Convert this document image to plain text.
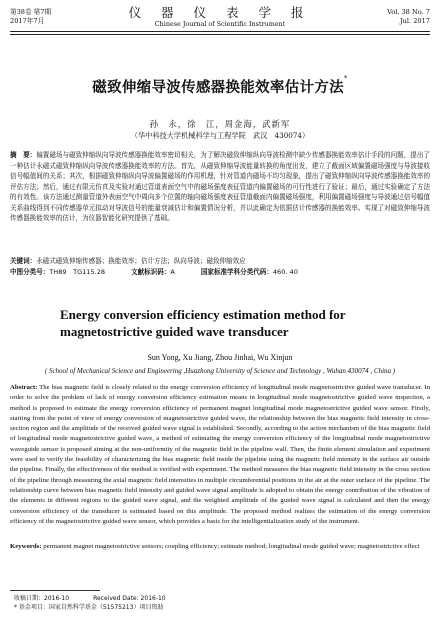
第38卷 第7期
2017年7月
仪 器 仪 表 学 报
Chinese Journal of Scientific Instrument
Vol. 38 No. 7
Jul. 2017
磁致伸缩导波传感器换能效率估计方法*
孙　永，徐　江，周金海，武新军
（华中科技大学机械科学与工程学院　武汉　430074）
摘　要：偏置磁场与磁致伸缩纵向导波传感器换能效率密切相关，为了解决磁致伸缩纵向导波检测中缺少传感器换能效率估计手段的问题，提出了一种估计永磁式磁致伸缩纵向导波传感器换能效率的方法。首先，从磁致伸缩导波能量转换的角度出发，建立了截面区域偏置磁场强度与导波接收信号幅值间的关系；其次，根据磁致伸缩纵向导波偏置磁场的作用机理，针对管道内磁场不均匀现象，提出了磁致伸缩纵向导波传感器换能效率的评估方法；然后，通过有限元仿真及实验对通过管道表面空气中的磁场强度表征管道内偏置磁场的可行性进行了验证；最后，通过实验确定了方法的有效性。该方法通过测量管道外表面空气中周向多个位置的轴向磁场强度表征管道截面内偏置磁场强度，利用偏置磁场强度与导波通过信号幅值关系曲线得到不同传感器单元拟动对导波信号的能量衰减估计和偏置情况分析，并以此确定为依据估计传感器的换能效率。实现了对磁致伸缩导波传感器换能效率的估计，为仪器智能化研究提供了基础。
关键词：永磁式磁致伸缩传感器；换能效率；估计方法；纵向导波；磁致伸缩效应
中图分类号：TH89　TG115.28	文献标识码：A	国家标准学科分类代码：460. 40
Energy conversion efficiency estimation method for magnetostrictive guided wave transducer
Sun Yong, Xu Jiang, Zhou Jinhai, Wu Xinjun
( School of Mechanical Science and Engineering ,Huazhong University of Science and Technology , Wuhan 430074 , China )
Abstract: The bias magnetic field is closely related to the energy conversion efficiency of longitudinal mode magnetostrictive guided wave transducer. In order to solve the problem of lack of energy conversion efficiency estimation means in longitudinal mode magnetostrictive guided wave inspection, a method is proposed to estimate the energy conversion efficiency of permanent magnet longitudinal mode magnetostrictive guided wave sensor. Firstly, starting from the point of view of energy conversion of magnetostrictive guided wave, the relationship between the bias magnetic field intensity in cross-section region and the amplitude of the received guided wave signal is established. Secondly, according to the action mechanism of the bias magnetic field of longitudinal mode magnetostrictive guided wave, a method of estimating the energy conversion efficiency of the longitudinal mode magnetostrictive waveguide sensor is proposed aiming at the non-uniformity of the magnetic field in the pipeline wall. Then, the finite element simulation and experiment were used to verify the feasibility of characterizing the bias magnetic field inside the pipeline using the magnetic field intensity in the surface air outside the pipeline. Finally, the effectiveness of the method is verified with experiment. The method measures the bias magnetic field intensity in the cross section of the pipeline through measuring the axial magnetic field intensities in multiple circumferential positions in the air at the outer surface of the pipeline. The relationship curve between bias magnetic field intensity and guided wave signal amplitude is adopted to obtain the energy contribution of the vibration of the elements in different regions to the guided wave signal, and the weighted amplitude of the guided wave signal is calculated and then the energy conversion efficiency of the transducer is estimated based on this amplitude. The proposed method realizes the estimation of the energy conversion efficiency of the magnetostrictive guided wave sensor, which provides a basis for the intelligentialization study of the instrument.
Keywords: permanent magnet magnetostrictive sensors; coupling efficiency; estimate method; longitudinal mode guided wave; magnetostrictive effect
收稿日期：2016-10	Received Date: 2016-10
* 基金项目：国家自然科学基金（51575213）项目资助
